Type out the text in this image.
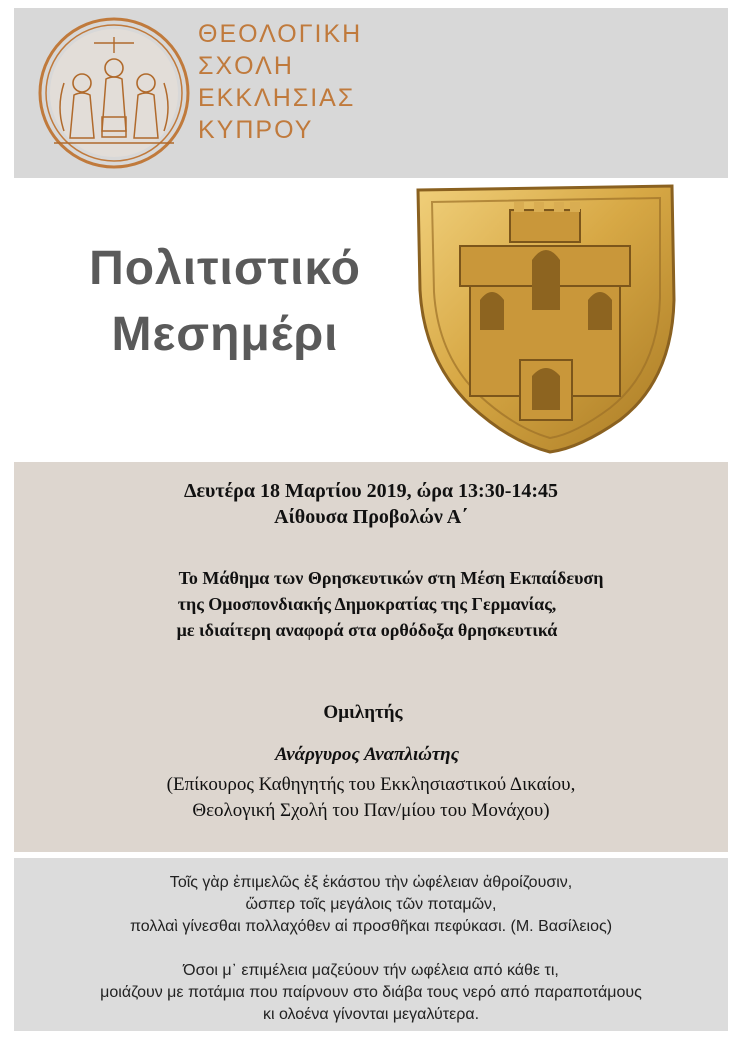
ΘΕΟΛΟΓΙΚΗ
ΣΧΟΛΗ
ΕΚΚΛΗΣΙΑΣ
ΚΥΠΡΟΥ
Πολιτιστικό
Μεσημέρι
Δευτέρα 18 Μαρτίου 2019, ώρα 13:30-14:45
Αίθουσα Προβολών Α΄
Το Μάθημα των Θρησκευτικών στη Μέση Εκπαίδευση
της Ομοσπονδιακής Δημοκρατίας της Γερμανίας,
με ιδιαίτερη αναφορά στα ορθόδοξα θρησκευτικά
Ομιλητής
Ανάργυρος Αναπλιώτης
(Επίκουρος Καθηγητής του Εκκλησιαστικού Δικαίου,
Θεολογική Σχολή του Παν/μίου του Μονάχου)
Τοῖς γὰρ ἐπιμελῶς ἐξ ἑκάστου τὴν ὠφέλειαν ἀθροίζουσιν,
ὥσπερ τοῖς μεγάλοις τῶν ποταμῶν,
πολλαὶ γίνεσθαι πολλαχόθεν αἱ προσθῆκαι πεφύκασι. (Μ. Βασίλειος)
Όσοι μ᾽ επιμέλεια μαζεύουν τήν ωφέλεια από κάθε τι,
μοιάζουν με ποτάμια που παίρνουν στο διάβα τους νερό από παραποτάμους
κι ολοένα γίνονται μεγαλύτερα.
